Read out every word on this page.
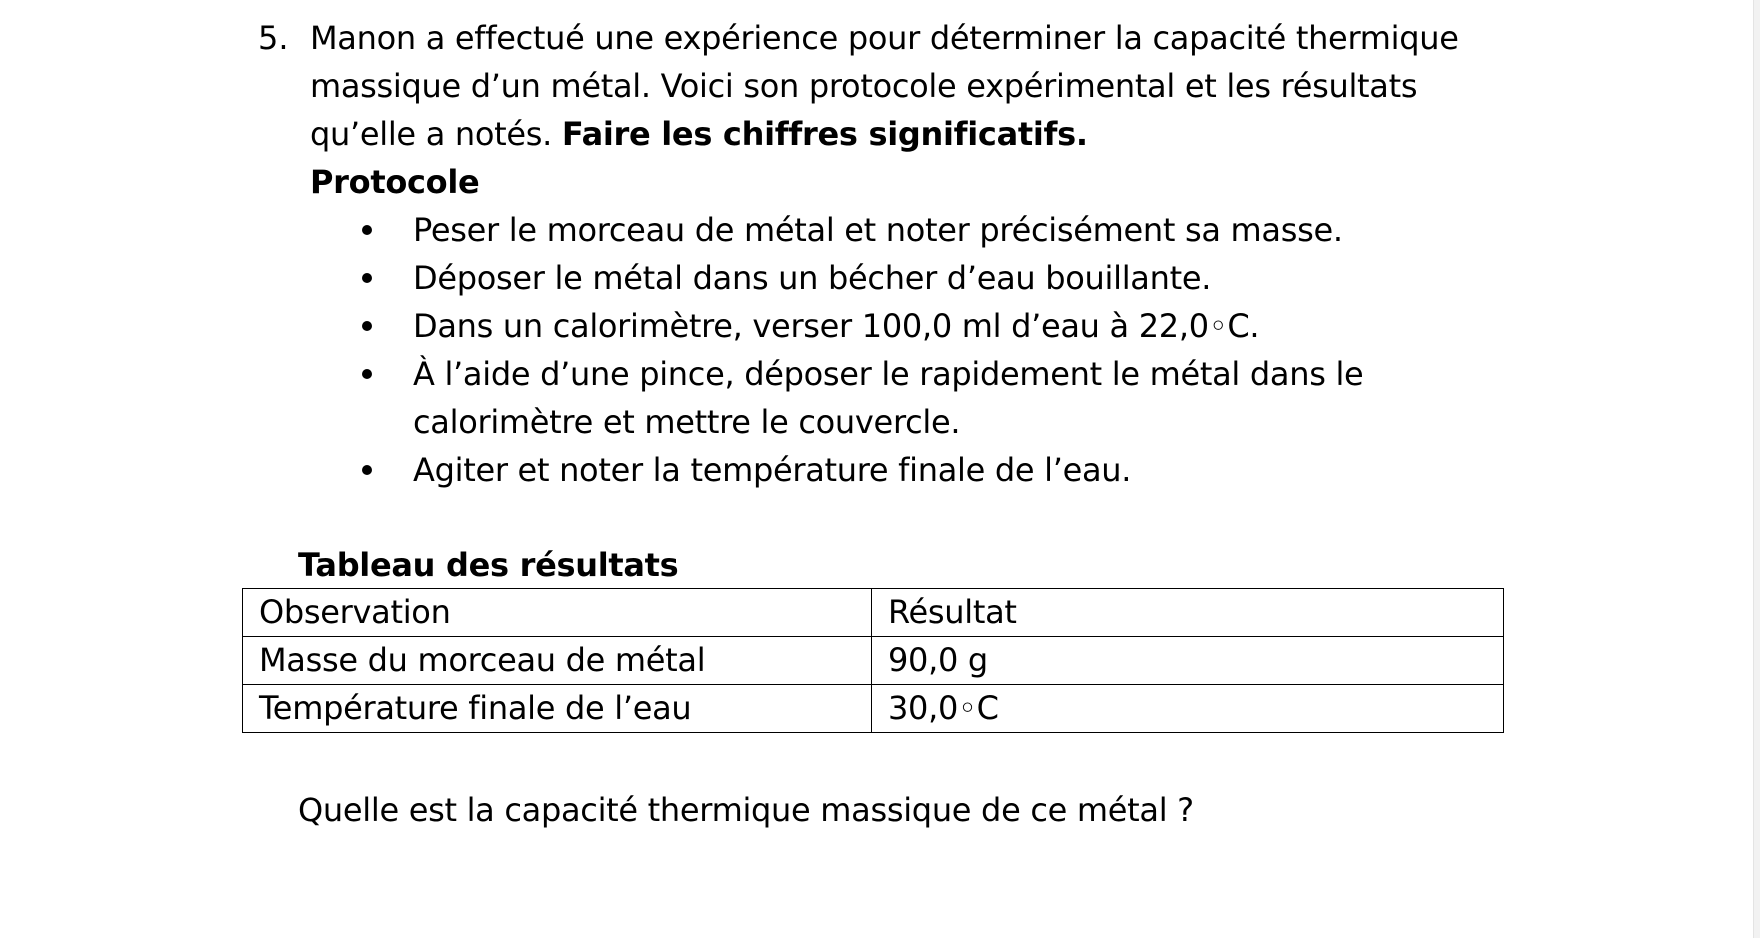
5. Manon a effectué une expérience pour déterminer la capacité thermique
massique d’un métal. Voici son protocole expérimental et les résultats
qu’elle a notés. Faire les chiffres significatifs.
Protocole
Peser le morceau de métal et noter précisément sa masse.
Déposer le métal dans un bécher d’eau bouillante.
Dans un calorimètre, verser 100,0 ml d’eau à 22,0◦C.
À l’aide d’une pince, déposer le rapidement le métal dans le
calorimètre et mettre le couvercle.
Agiter et noter la température finale de l’eau.
Tableau des résultats
Observation	Résultat
Masse du morceau de métal	90,0 g
Température finale de l’eau	30,0◦C
Quelle est la capacité thermique massique de ce métal ?
